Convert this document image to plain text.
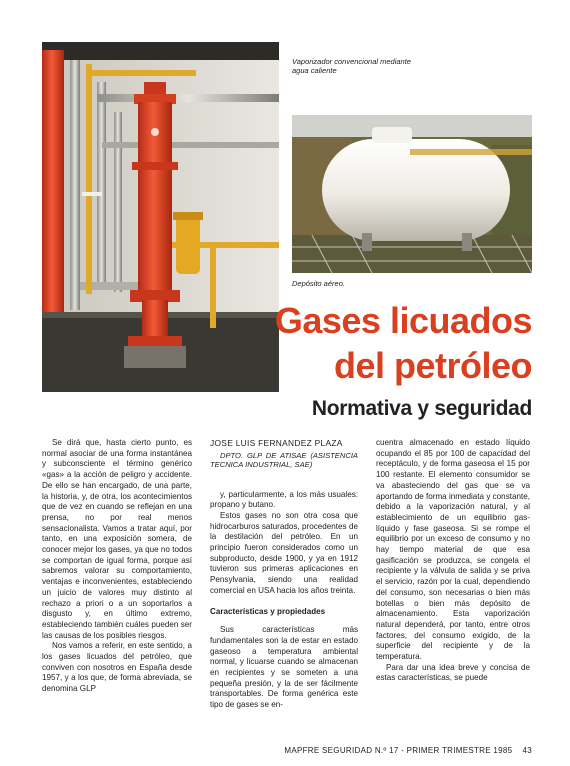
Vaporizador convencional mediante agua caliente
Depósito aéreo.
Gases licuados
del petróleo
Normativa y seguridad

Se dirá que, hasta cierto punto, es normal asociar de una forma instantánea y subconsciente el término genérico «gas» a la acción de peligro y accidente. De ello se han encargado, de una parte, la historia, y, de otra, los acontecimientos que de vez en cuando se reflejan en una prensa, no por real menos sensacionalista. Vamos a tratar aquí, por tanto, en una exposición somera, de conocer mejor los gases, ya que no todos se comportan de igual forma, porque así sabremos valorar su comportamiento, ventajas e inconvenientes, estableciendo un juicio de valores muy distinto al rechazo a priori o a un soportarlos a disgusto y, en último extremo, estableciendo también cuáles pueden ser las causas de los posibles riesgos.

Nos vamos a referir, en este sentido, a los gases licuados del petróleo, que conviven con nosotros en España desde 1957, y a los que, de forma abreviada, se denomina GLP

JOSE LUIS FERNANDEZ PLAZA

DPTO. GLP DE ATISAE (ASISTENCIA TECNICA INDUSTRIAL, SAE)

y, particularmente, a los más usuales: propano y butano.

Estos gases no son otra cosa que hidrocarburos saturados, procedentes de la destilación del petróleo. En un principio fueron considerados como un subproducto, desde 1900, y ya en 1912 tuvieron sus primeras aplicaciones en Pensylvania, siendo una realidad comercial en USA hacia los años treinta.

Características y propiedades

Sus características más fundamentales son la de estar en estado gaseoso a temperatura ambiental normal, y licuarse cuando se almacenan en recipientes y se someten a una pequeña presión, y la de ser fácilmente transportables. De forma genérica este tipo de gases se en-

cuentra almacenado en estado líquido ocupando el 85 por 100 de capacidad del receptáculo, y de forma gaseosa el 15 por 100 restante. El elemento consumidor se va abasteciendo del gas que se va aportando de forma inmediata y constante, debido a la vaporización natural, y al establecimiento de un equilibrio gas-líquido y fase gaseosa. Si se rompe el equilibrio por un exceso de consumo y no hay tiempo material de que esa gasificación se produzca, se congela el recipiente y la válvula de salida y se priva el servicio, razón por la cual, dependiendo del consumo, son necesarias o bien más botellas o bien más depósito de almacenamiento. Esta vaporización natural dependerá, por tanto, entre otros factores, del consumo exigido, de la superficie del recipiente y de la temperatura.

Para dar una idea breve y concisa de estas características, se puede

MAPFRE SEGURIDAD N.º 17 - PRIMER TRIMESTRE 1985    43
